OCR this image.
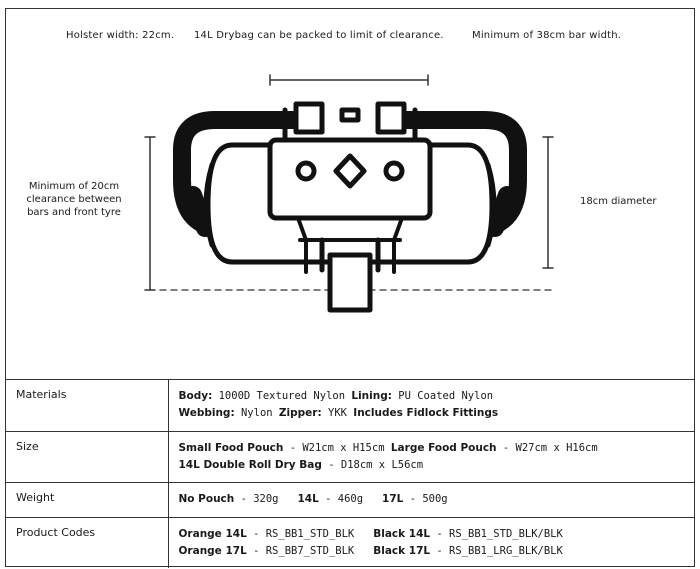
Holster width: 22cm. 14L Drybag can be packed to limit of clearance.	Minimum of 38cm bar width.
Minimum of 20cm
clearance between
bars and front tyre
18cm diameter
Materials	Body: 1000D Textured Nylon Lining: PU Coated Nylon
Webbing: Nylon Zipper: YKK Includes Fidlock Fittings
Size	Small Food Pouch - W21cm x H15cm Large Food Pouch - W27cm x H16cm
14L Double Roll Dry Bag - D18cm x L56cm
Weight	No Pouch - 320g 14L - 460g 17L - 500g
Product Codes	Orange 14L - RS_BB1_STD_BLK Black 14L - RS_BB1_STD_BLK/BLK
Orange 17L - RS_BB7_STD_BLK Black 17L - RS_BB1_LRG_BLK/BLK
